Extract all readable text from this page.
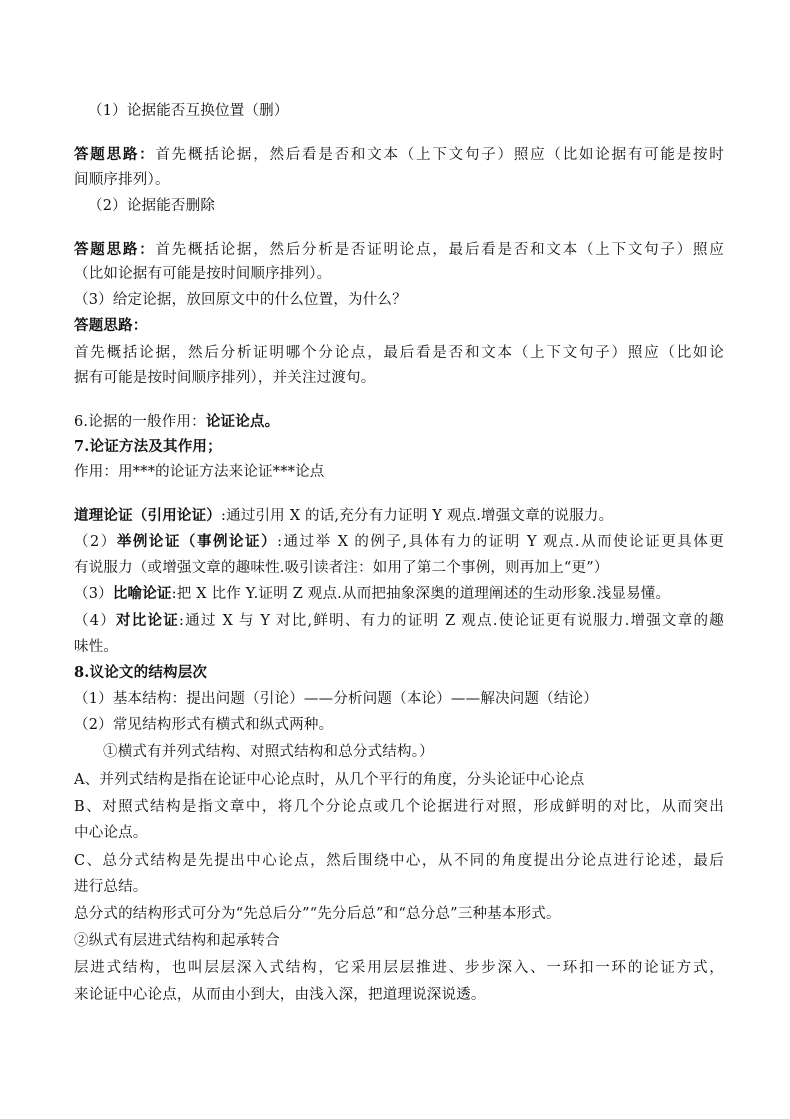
（1）论据能否互换位置（删）
答题思路：首先概括论据，然后看是否和文本（上下文句子）照应（比如论据有可能是按时
间顺序排列）。
（2）论据能否删除
答题思路：首先概括论据，然后分析是否证明论点，最后看是否和文本（上下文句子）照应
（比如论据有可能是按时间顺序排列）。
（3）给定论据，放回原文中的什么位置，为什么？
答题思路：
首先概括论据，然后分析证明哪个分论点，最后看是否和文本（上下文句子）照应（比如论
据有可能是按时间顺序排列），并关注过渡句。
6.论据的一般作用：论证论点。
7.论证方法及其作用；
作用：用***的论证方法来论证***论点
道理论证（引用论证）:通过引用 X 的话,充分有力证明 Y 观点.增强文章的说服力。
（2）举例论证（事例论证）:通过举 X 的例子,具体有力的证明 Y 观点.从而使论证更具体更
有说服力（或增强文章的趣味性.吸引读者注：如用了第二个事例，则再加上“更”）
（3）比喻论证:把 X 比作 Y.证明 Z 观点.从而把抽象深奥的道理阐述的生动形象.浅显易懂。
（4）对比论证:通过 X 与 Y 对比,鲜明、有力的证明 Z 观点.使论证更有说服力.增强文章的趣
味性。
8.议论文的结构层次
（1）基本结构：提出问题（引论）——分析问题（本论）——解决问题（结论）
（2）常见结构形式有横式和纵式两种。
①横式有并列式结构、对照式结构和总分式结构。）
A、并列式结构是指在论证中心论点时，从几个平行的角度，分头论证中心论点
B、对照式结构是指文章中，将几个分论点或几个论据进行对照，形成鲜明的对比，从而突出
中心论点。
C、总分式结构是先提出中心论点，然后围绕中心，从不同的角度提出分论点进行论述，最后
进行总结。
总分式的结构形式可分为“先总后分”“先分后总”和“总分总”三种基本形式。
②纵式有层进式结构和起承转合
层进式结构，也叫层层深入式结构，它采用层层推进、步步深入、一环扣一环的论证方式，
来论证中心论点，从而由小到大，由浅入深，把道理说深说透。
